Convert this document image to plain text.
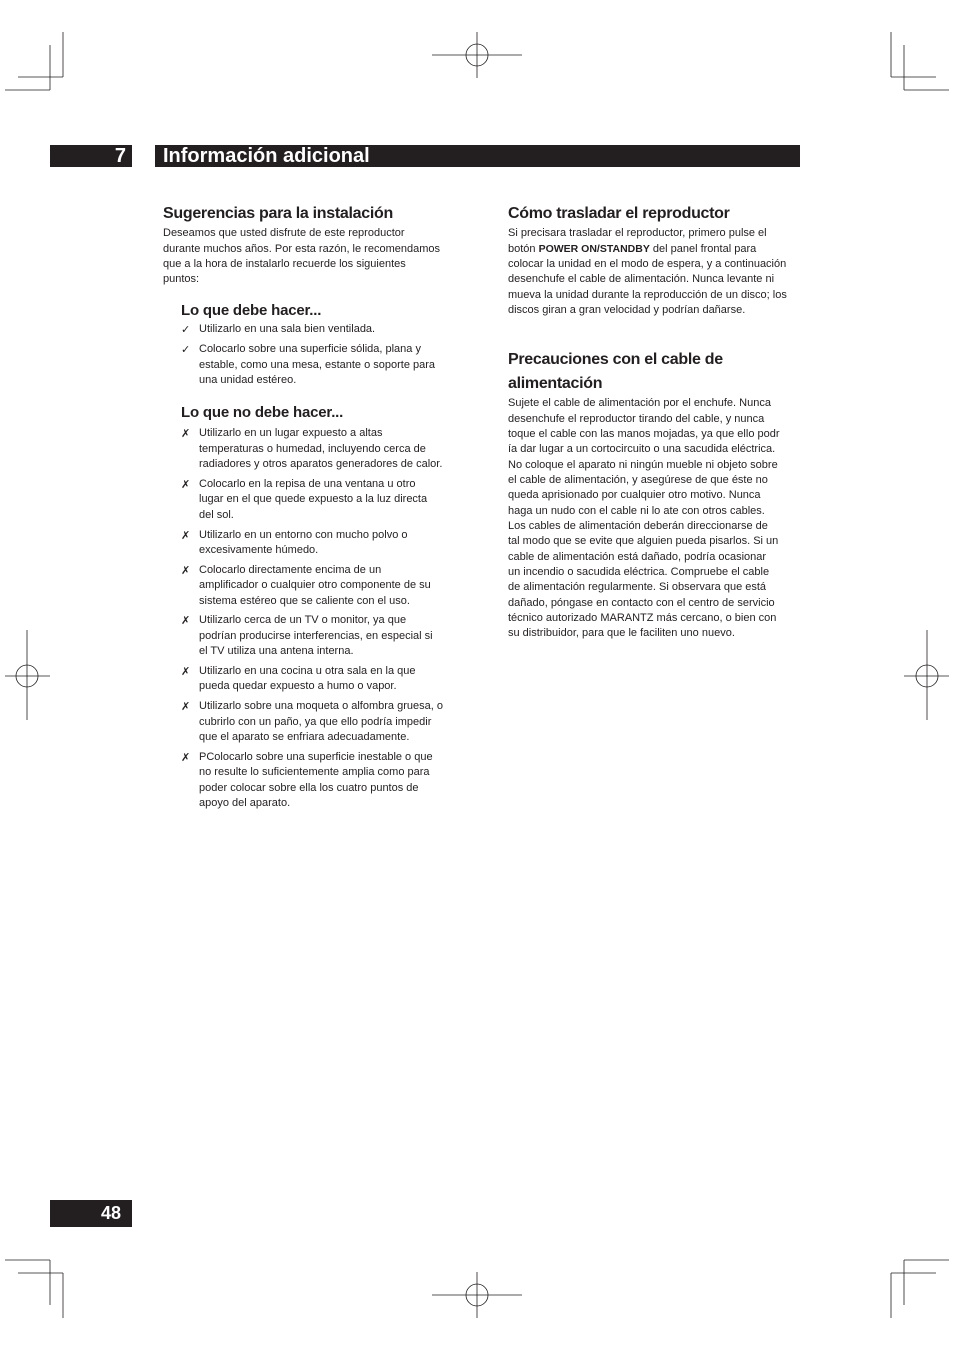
7	Información adicional
Sugerencias para la instalación
Deseamos que usted disfrute de este reproductor
durante muchos años. Por esta razón, le recomendamos
que a la hora de instalarlo recuerde los siguientes
puntos:
Lo que debe hacer...
✓
Utilizarlo en una sala bien ventilada.
✓
Colocarlo sobre una superficie sólida, plana y
estable, como una mesa, estante o soporte para
una unidad estéreo.
Lo que no debe hacer...
✗
Utilizarlo en un lugar expuesto a altas
temperaturas o humedad, incluyendo cerca de
radiadores y otros aparatos generadores de calor.
✗
Colocarlo en la repisa de una ventana u otro
lugar en el que quede expuesto a la luz directa
del sol.
✗
Utilizarlo en un entorno con mucho polvo o
excesivamente húmedo.
✗
Colocarlo directamente encima de un
amplificador o cualquier otro componente de su
sistema estéreo que se caliente con el uso.
✗
Utilizarlo cerca de un TV o monitor, ya que
podrían producirse interferencias, en especial si
el TV utiliza una antena interna.
✗
Utilizarlo en una cocina u otra sala en la que
pueda quedar expuesto a humo o vapor.
✗
Utilizarlo sobre una moqueta o alfombra gruesa, o
cubrirlo con un paño, ya que ello podría impedir
que el aparato se enfriara adecuadamente.
✗
PColocarlo sobre una superficie inestable o que
no resulte lo suficientemente amplia como para
poder colocar sobre ella los cuatro puntos de
apoyo del aparato.
Cómo trasladar el reproductor
Si precisara trasladar el reproductor, primero pulse el
botón POWER ON/STANDBY del panel frontal para
colocar la unidad en el modo de espera, y a continuación
desenchufe el cable de alimentación. Nunca levante ni
mueva la unidad durante la reproducción de un disco; los
discos giran a gran velocidad y podrían dañarse.
Precauciones con el cable de
alimentación
Sujete el cable de alimentación por el enchufe. Nunca
desenchufe el reproductor tirando del cable, y nunca
toque el cable con las manos mojadas, ya que ello podr
ía dar lugar a un cortocircuito o una sacudida eléctrica.
No coloque el aparato ni ningún mueble ni objeto sobre
el cable de alimentación, y asegúrese de que éste no
queda aprisionado por cualquier otro motivo. Nunca
haga un nudo con el cable ni lo ate con otros cables.
Los cables de alimentación deberán direccionarse de
tal modo que se evite que alguien pueda pisarlos. Si un
cable de alimentación está dañado, podría ocasionar
un incendio o sacudida eléctrica. Compruebe el cable
de alimentación regularmente. Si observara que está
dañado, póngase en contacto con el centro de servicio
técnico autorizado MARANTZ más cercano, o bien con
su distribuidor, para que le faciliten uno nuevo.
48
